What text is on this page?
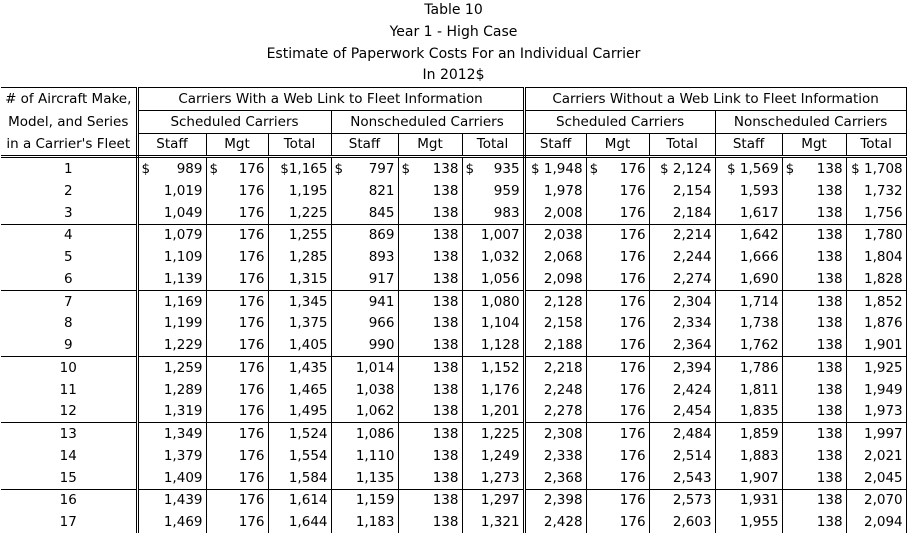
Table 10
Year 1 - High Case
Estimate of Paperwork Costs For an Individual Carrier
In 2012$
# of Aircraft Make,	Carriers With a Web Link to Fleet Information						Carriers Without a Web Link to Fleet Information					
Model, and Series	Scheduled Carriers			Nonscheduled Carriers			Scheduled Carriers			Nonscheduled Carriers		
in a Carrier's Fleet	Staff	Mgt	Total	Staff	Mgt	Total	Staff	Mgt	Total	Staff	Mgt	Total
1	$ 989	$ 176	$1,165	$ 797	$ 138	$ 935	$ 1,948	$ 176	$ 2,124	$ 1,569	$ 138	$ 1,708
2	1,019	176	1,195	821	138	959	1,978	176	2,154	1,593	138	1,732
3	1,049	176	1,225	845	138	983	2,008	176	2,184	1,617	138	1,756
4	1,079	176	1,255	869	138	1,007	2,038	176	2,214	1,642	138	1,780
5	1,109	176	1,285	893	138	1,032	2,068	176	2,244	1,666	138	1,804
6	1,139	176	1,315	917	138	1,056	2,098	176	2,274	1,690	138	1,828
7	1,169	176	1,345	941	138	1,080	2,128	176	2,304	1,714	138	1,852
8	1,199	176	1,375	966	138	1,104	2,158	176	2,334	1,738	138	1,876
9	1,229	176	1,405	990	138	1,128	2,188	176	2,364	1,762	138	1,901
10	1,259	176	1,435	1,014	138	1,152	2,218	176	2,394	1,786	138	1,925
11	1,289	176	1,465	1,038	138	1,176	2,248	176	2,424	1,811	138	1,949
12	1,319	176	1,495	1,062	138	1,201	2,278	176	2,454	1,835	138	1,973
13	1,349	176	1,524	1,086	138	1,225	2,308	176	2,484	1,859	138	1,997
14	1,379	176	1,554	1,110	138	1,249	2,338	176	2,514	1,883	138	2,021
15	1,409	176	1,584	1,135	138	1,273	2,368	176	2,543	1,907	138	2,045
16	1,439	176	1,614	1,159	138	1,297	2,398	176	2,573	1,931	138	2,070
17	1,469	176	1,644	1,183	138	1,321	2,428	176	2,603	1,955	138	2,094
